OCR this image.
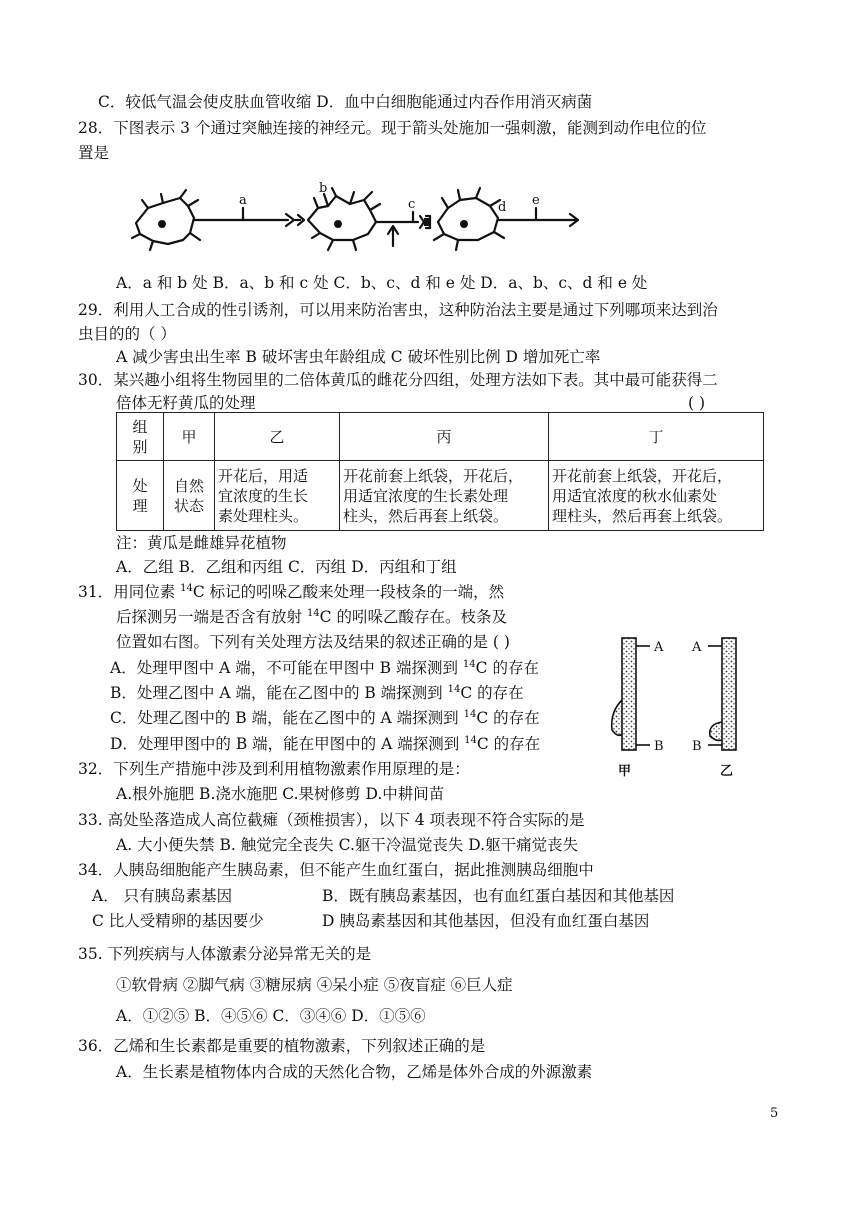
C．较低气温会使皮肤血管收缩 D．血中白细胞能通过内吞作用消灭病菌
28．下图表示 3 个通过突触连接的神经元。现于箭头处施加一强刺激，能测到动作电位的位
置是
a
b
c	d e
A．a 和 b 处 B．a、b 和 c 处 C．b、c、d 和 e 处 D．a、b、c、d 和 e 处
29．利用人工合成的性引诱剂，可以用来防治害虫，这种防治法主要是通过下列哪项来达到治
虫目的的（ ）
A 减少害虫出生率 B 破坏害虫年龄组成 C 破坏性别比例 D 增加死亡率
30．某兴趣小组将生物园里的二倍体黄瓜的雌花分四组，处理方法如下表。其中最可能获得二
倍体无籽黄瓜的处理	( )
组
别	甲	乙	丙	丁
处
理	自然
状态	开花后，用适
宜浓度的生长
素处理柱头。	开花前套上纸袋，开花后，
用适宜浓度的生长素处理
柱头，然后再套上纸袋。	开花前套上纸袋，开花后，
用适宜浓度的秋水仙素处
理柱头，然后再套上纸袋。
注：黄瓜是雌雄异花植物
A．乙组 B．乙组和丙组 C．丙组 D．丙组和丁组
31．用同位素 $^{14}$C 标记的吲哚乙酸来处理一段枝条的一端，然
后探测另一端是否含有放射 $^{14}$C 的吲哚乙酸存在。枝条及
位置如右图。下列有关处理方法及结果的叙述正确的是 ( )
A．处理甲图中 A 端，不可能在甲图中 B 端探测到 $^{14}$C 的存在
B．处理乙图中 A 端，能在乙图中的 B 端探测到 $^{14}$C 的存在
C．处理乙图中的 B 端，能在乙图中的 A 端探测到 $^{14}$C 的存在
D．处理甲图中的 B 端，能在甲图中的 A 端探测到 $^{14}$C 的存在
A
B
A
B
甲	乙
32．下列生产措施中涉及到利用植物激素作用原理的是：
A.根外施肥 B.浇水施肥 C.果树修剪 D.中耕间苗
33. 高处坠落造成人高位截瘫（颈椎损害），以下 4 项表现不符合实际的是
A. 大小便失禁 B. 触觉完全丧失 C.躯干冷温觉丧失 D.躯干痛觉丧失
34．人胰岛细胞能产生胰岛素，但不能产生血红蛋白，据此推测胰岛细胞中
A． 只有胰岛素基因	B．既有胰岛素基因，也有血红蛋白基因和其他基因
C 比人受精卵的基因要少	D 胰岛素基因和其他基因，但没有血红蛋白基因
35. 下列疾病与人体激素分泌异常无关的是
①软骨病 ②脚气病 ③糖尿病 ④呆小症 ⑤夜盲症 ⑥巨人症
A．①②⑤ B．④⑤⑥ C．③④⑥ D．①⑤⑥
36．乙烯和生长素都是重要的植物激素，下列叙述正确的是
A．生长素是植物体内合成的天然化合物，乙烯是体外合成的外源激素
5
